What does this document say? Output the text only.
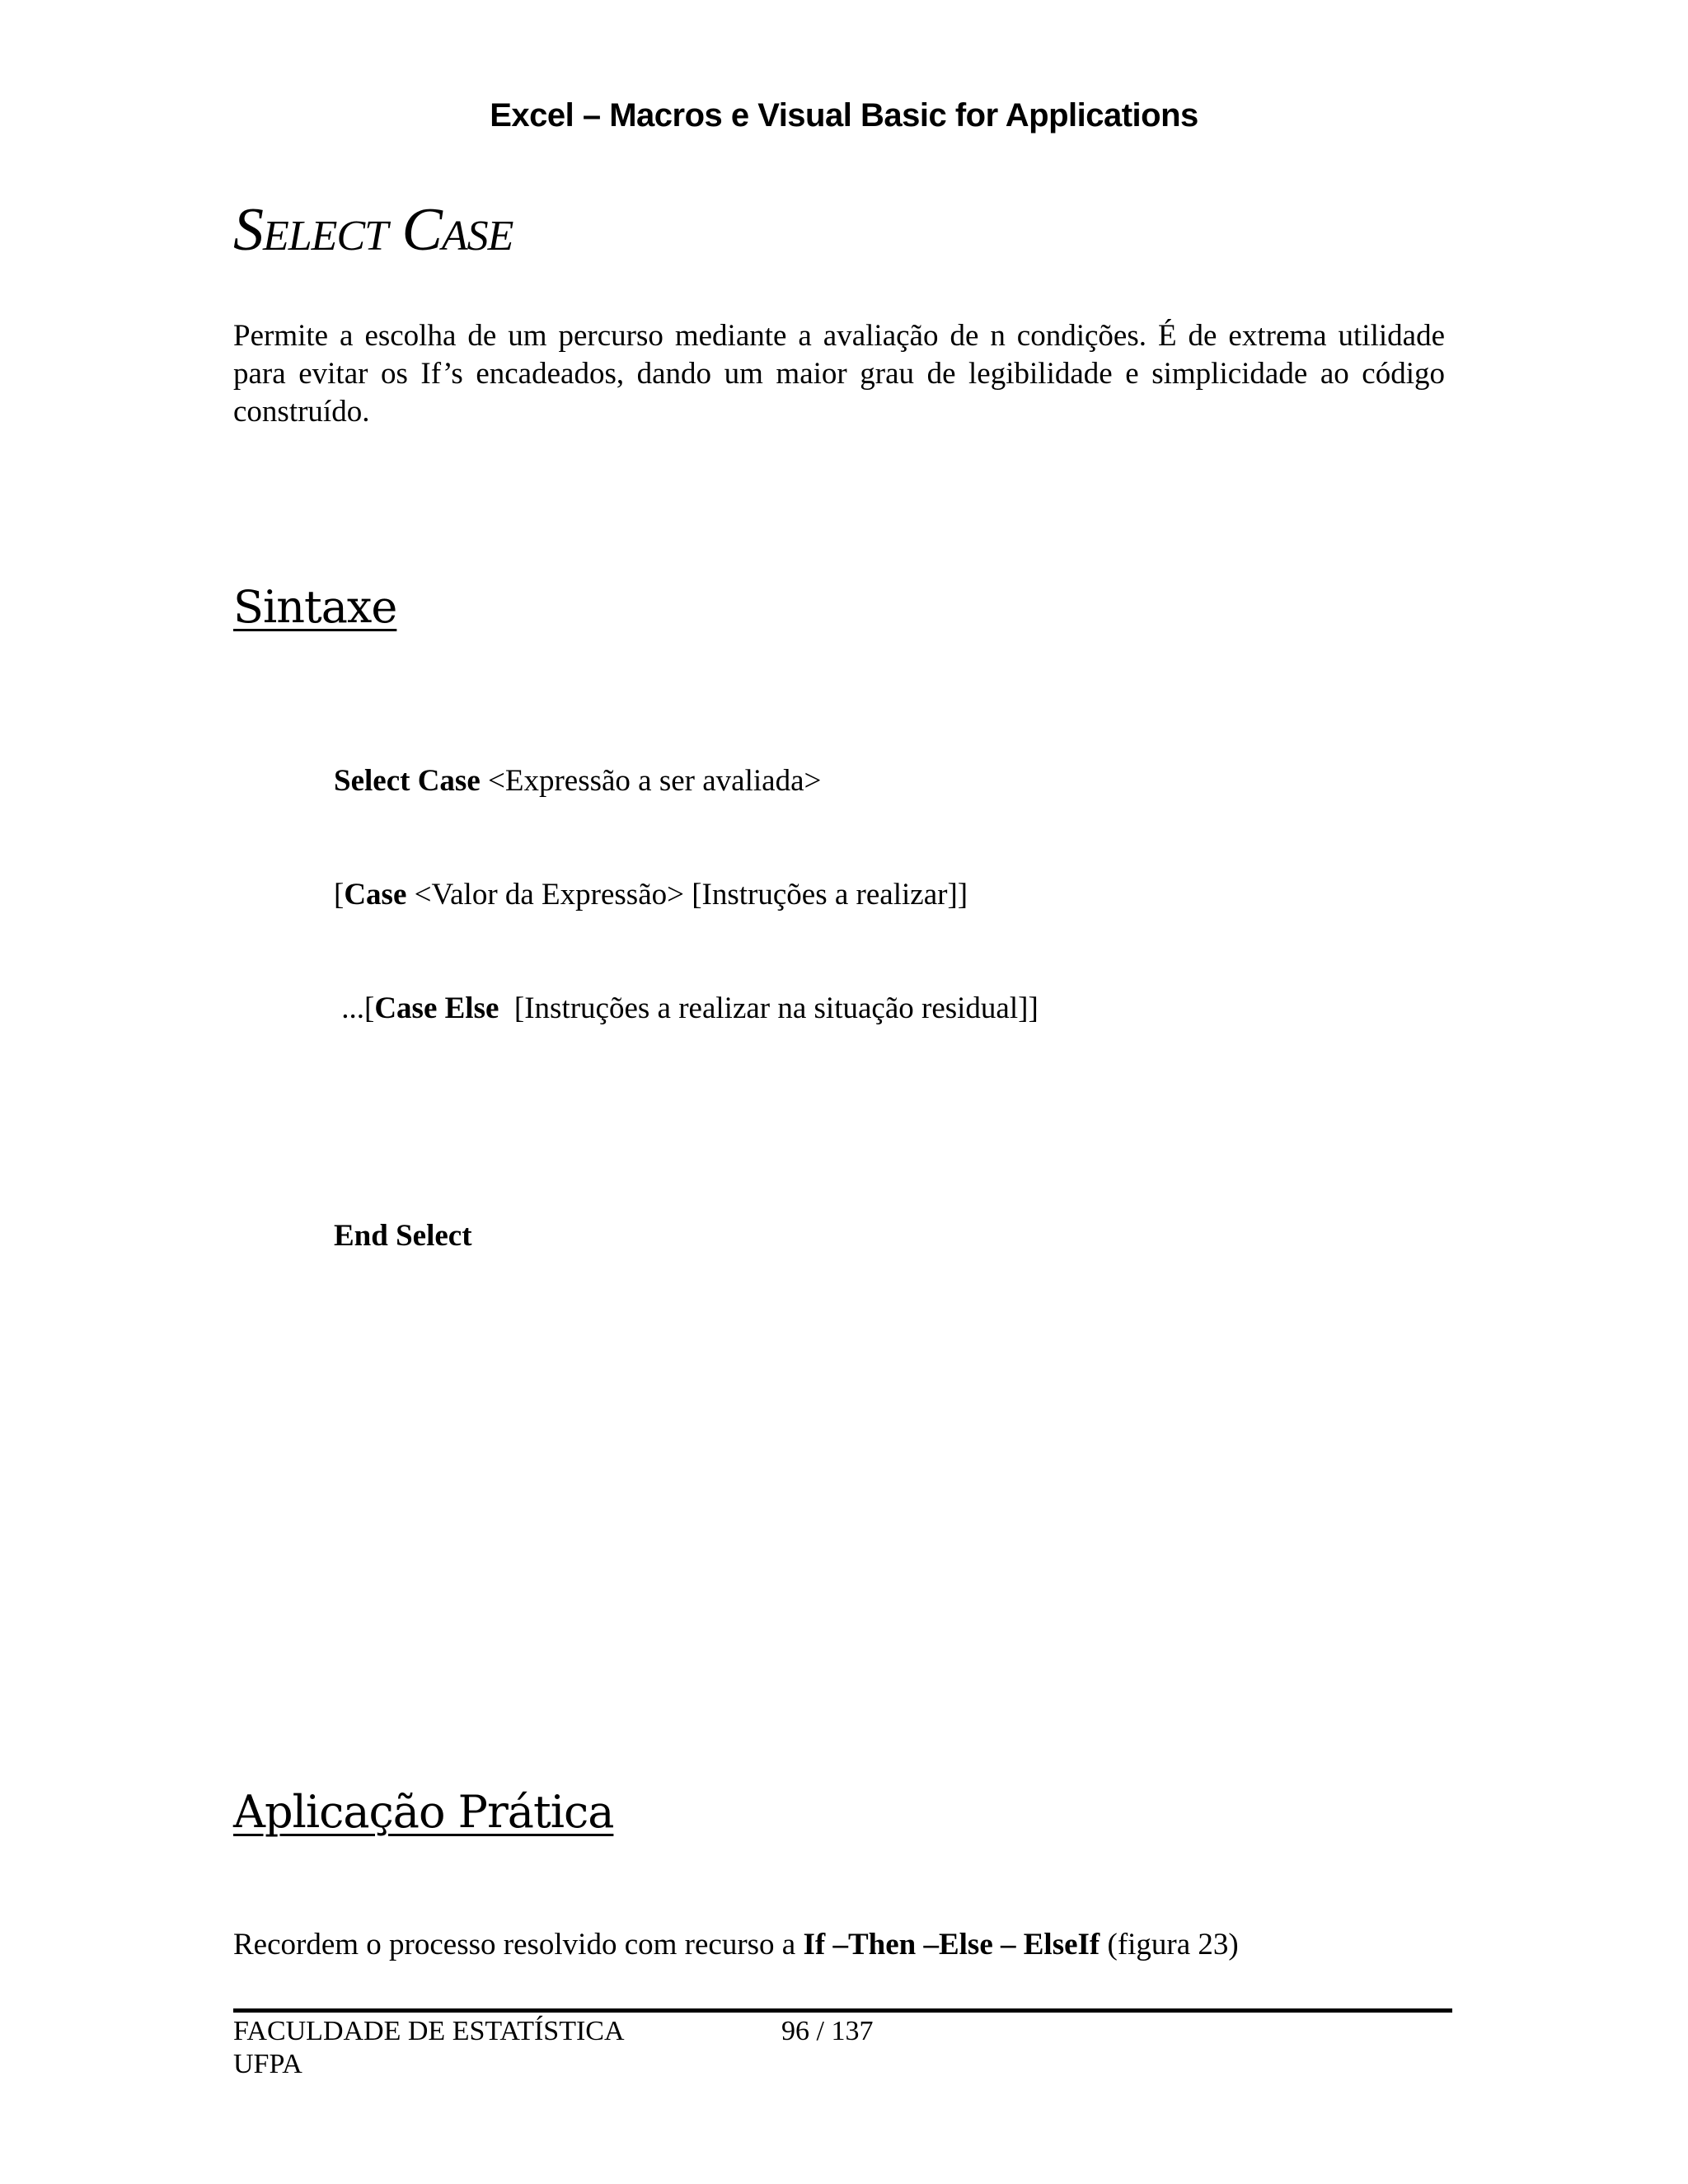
Excel – Macros e Visual Basic for Applications
Select Case

Permite a escolha de um percurso mediante a avaliação de n condições. É de extrema utilidade para evitar os If’s encadeados, dando um maior grau de legibilidade e simplicidade ao código construído.

Sintaxe

Select Case <Expressão a ser avaliada>

[Case <Valor da Expressão> [Instruções a realizar]]

...[Case Else  [Instruções a realizar na situação residual]]

End Select

Aplicação Prática

Recordem o processo resolvido com recurso a If –Then –Else – ElseIf (figura 23)

FACULDADE DE ESTATÍSTICA
UFPA
96 / 137
